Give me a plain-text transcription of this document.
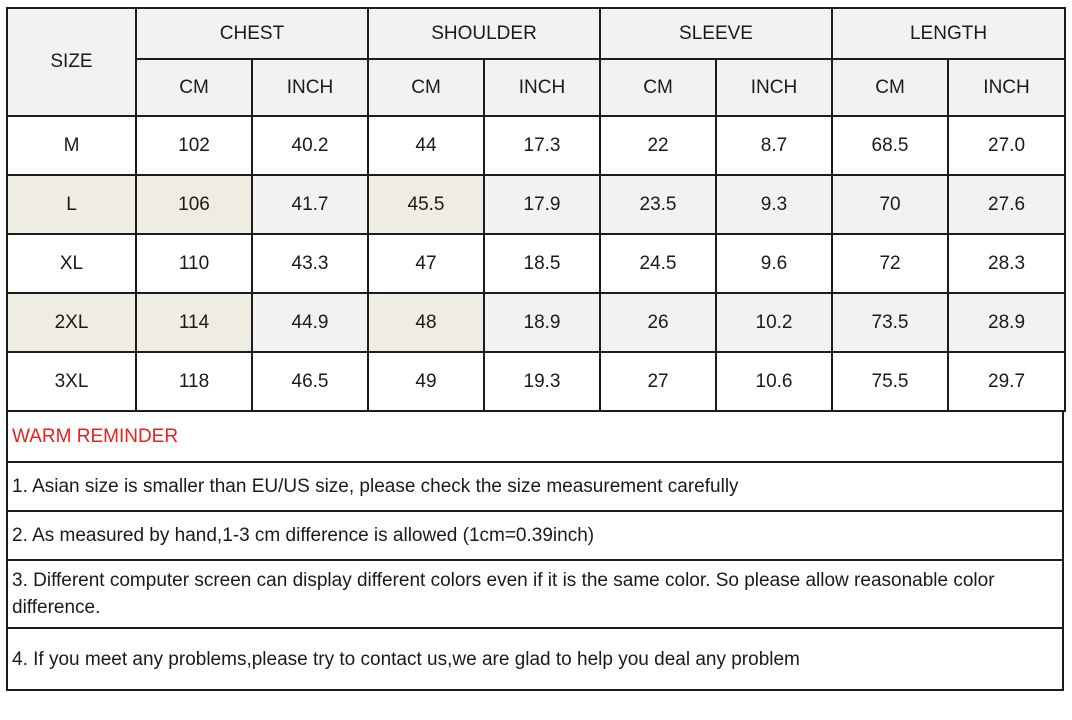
SIZE	CHEST		SHOULDER		SLEEVE		LENGTH	
	CM	INCH	CM	INCH	CM	INCH	CM	INCH
M	102	40.2	44	17.3	22	8.7	68.5	27.0
L	106	41.7	45.5	17.9	23.5	9.3	70	27.6
XL	110	43.3	47	18.5	24.5	9.6	72	28.3
2XL	114	44.9	48	18.9	26	10.2	73.5	28.9
3XL	118	46.5	49	19.3	27	10.6	75.5	29.7
WARM REMINDER
1. Asian size is smaller than EU/US size, please check the size measurement carefully
2. As measured by hand,1-3 cm difference is allowed (1cm=0.39inch)
3. Different computer screen can display different colors even if it is the same color. So please allow reasonable color difference.
4. If you meet any problems,please try to contact us,we are glad to help you deal any problem
